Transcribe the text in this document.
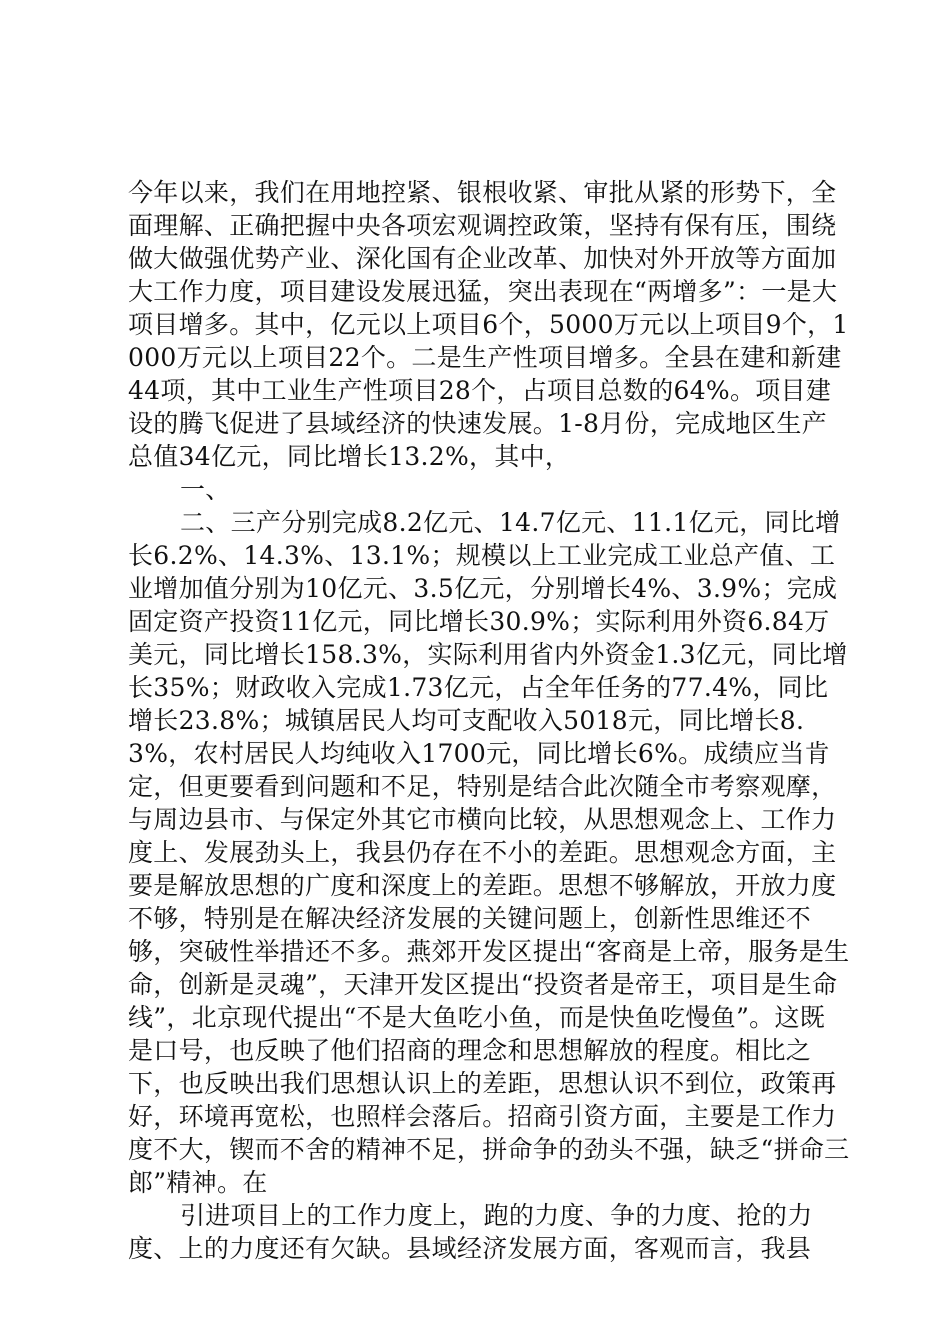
今年以来，我们在用地控紧、银根收紧、审批从紧的形势下，全面理解、正确把握中央各项宏观调控政策，坚持有保有压，围绕做大做强优势产业、深化国有企业改革、加快对外开放等方面加大工作力度，项目建设发展迅猛，突出表现在“两增多”：一是大项目增多。其中，亿元以上项目6个，5000万元以上项目9个，1000万元以上项目22个。二是生产性项目增多。全县在建和新建44项，其中工业生产性项目28个，占项目总数的64%。项目建设的腾飞促进了县域经济的快速发展。1-8月份，完成地区生产总值34亿元，同比增长13.2%，其中，

一、

二、三产分别完成8.2亿元、14.7亿元、11.1亿元，同比增长6.2%、14.3%、13.1%；规模以上工业完成工业总产值、工业增加值分别为10亿元、3.5亿元，分别增长4%、3.9%；完成固定资产投资11亿元，同比增长30.9%；实际利用外资6.84万美元，同比增长158.3%，实际利用省内外资金1.3亿元，同比增长35%；财政收入完成1.73亿元，占全年任务的77.4%，同比增长23.8%；城镇居民人均可支配收入5018元，同比增长8.3%，农村居民人均纯收入1700元，同比增长6%。成绩应当肯定，但更要看到问题和不足，特别是结合此次随全市考察观摩，与周边县市、与保定外其它市横向比较，从思想观念上、工作力度上、发展劲头上，我县仍存在不小的差距。思想观念方面，主要是解放思想的广度和深度上的差距。思想不够解放，开放力度不够，特别是在解决经济发展的关键问题上，创新性思维还不够，突破性举措还不多。燕郊开发区提出“客商是上帝，服务是生命，创新是灵魂”，天津开发区提出“投资者是帝王，项目是生命线”，北京现代提出“不是大鱼吃小鱼，而是快鱼吃慢鱼”。这既是口号，也反映了他们招商的理念和思想解放的程度。相比之下，也反映出我们思想认识上的差距，思想认识不到位，政策再好，环境再宽松，也照样会落后。招商引资方面，主要是工作力度不大，锲而不舍的精神不足，拼命争的劲头不强，缺乏“拼命三郎”精神。在

引进项目上的工作力度上，跑的力度、争的力度、抢的力度、上的力度还有欠缺。县域经济发展方面，客观而言，我县
